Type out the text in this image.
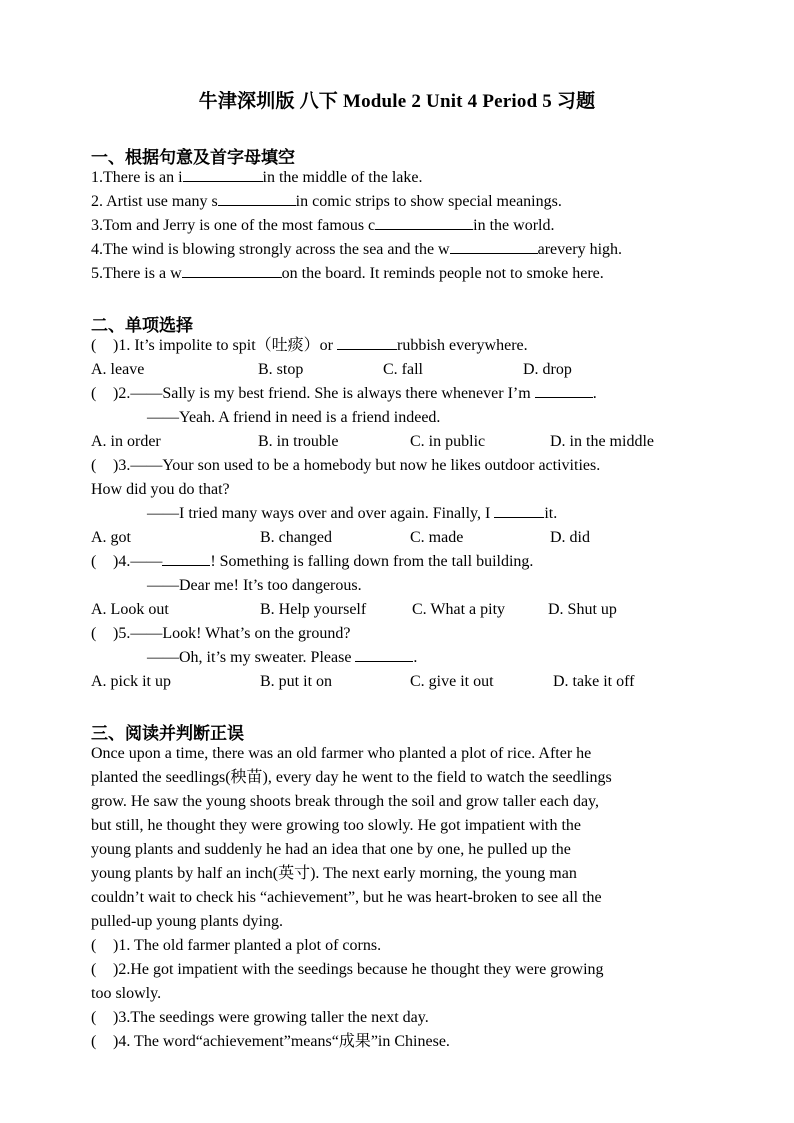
牛津深圳版 八下 Module 2 Unit 4 Period 5 习题
一、根据句意及首字母填空
1.There is an i	in the middle of the lake.
2. Artist use many s	in comic strips to show special meanings.
3.Tom and Jerry is one of the most famous c	in the world.
4.The wind is blowing strongly across the sea and the w	arevery high.
5.There is a w	on the board. It reminds people not to smoke here.
二、单项选择
( )1. It’s impolite to spit（吐痰）or	rubbish everywhere.
A. leave	B. stop	C. fall	D. drop
( )2.——Sally is my best friend. She is always there whenever I’m	.
——Yeah. A friend in need is a friend indeed.
A. in order	B. in trouble	C. in public	D. in the middle
( )3.——Your son used to be a homebody but now he likes outdoor activities.
How did you do that?
——I tried many ways over and over again. Finally, I	it.
A. got	B. changed	C. made	D. did
( )4.——	! Something is falling down from the tall building.
——Dear me! It’s too dangerous.
A. Look out	B. Help yourself	C. What a pity	D. Shut up
( )5.——Look! What’s on the ground?
——Oh, it’s my sweater. Please	.
A. pick it up	B. put it on	C. give it out	D. take it off
三、阅读并判断正误
Once upon a time, there was an old farmer who planted a plot of rice. After he
planted the seedlings(秧苗), every day he went to the field to watch the seedlings
grow. He saw the young shoots break through the soil and grow taller each day,
but still, he thought they were growing too slowly. He got impatient with the
young plants and suddenly he had an idea that one by one, he pulled up the
young plants by half an inch(英寸). The next early morning, the young man
couldn’t wait to check his “achievement”, but he was heart-broken to see all the
pulled-up young plants dying.
( )1. The old farmer planted a plot of corns.
( )2.He got impatient with the seedings because he thought they were growing
too slowly.
( )3.The seedings were growing taller the next day.
( )4. The word“achievement”means“成果”in Chinese.
